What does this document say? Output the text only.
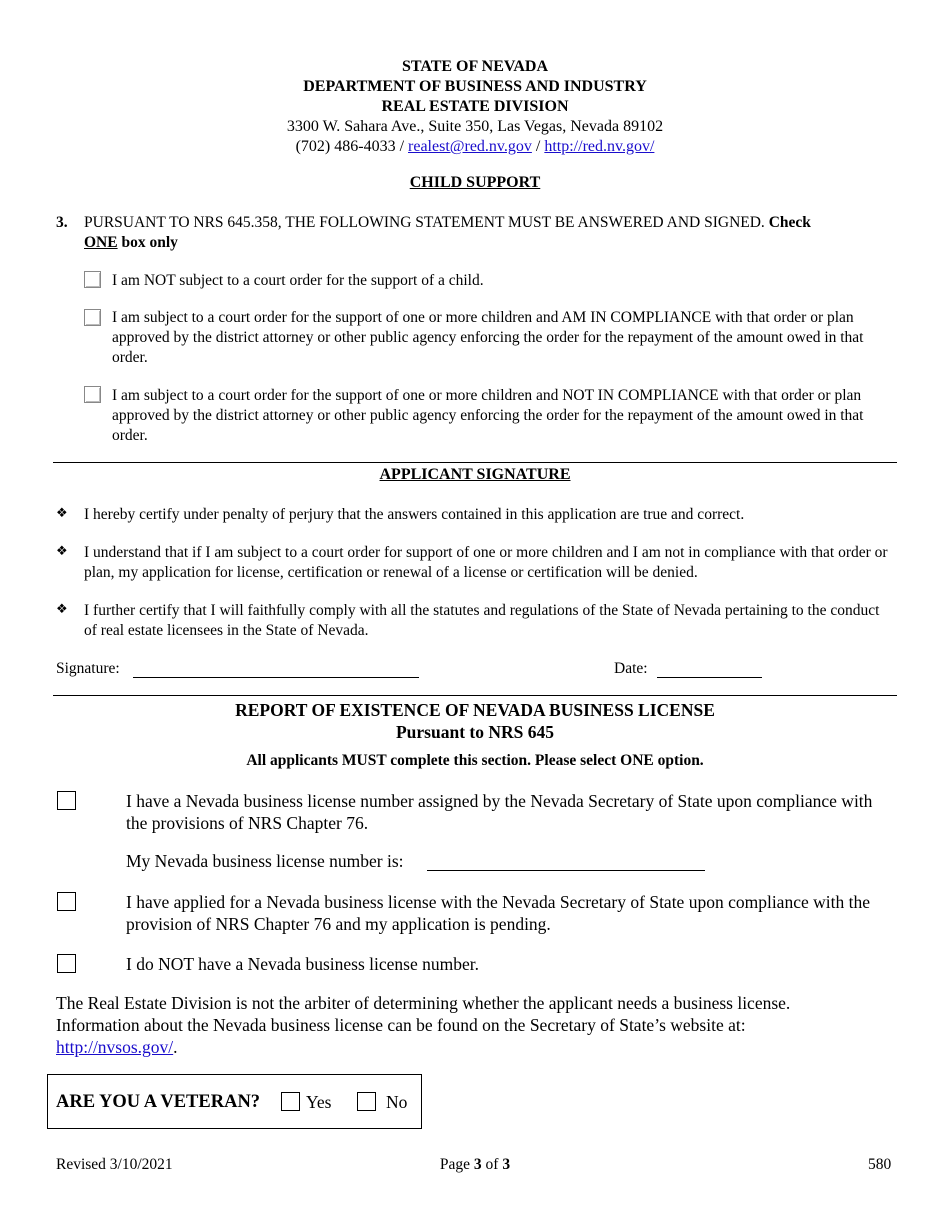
STATE OF NEVADA
DEPARTMENT OF BUSINESS AND INDUSTRY
REAL ESTATE DIVISION
3300 W. Sahara Ave., Suite 350, Las Vegas, Nevada 89102
(702) 486-4033 / realest@red.nv.gov / http://red.nv.gov/
CHILD SUPPORT
3. PURSUANT TO NRS 645.358, THE FOLLOWING STATEMENT MUST BE ANSWERED AND SIGNED. Check
ONE box only
I am NOT subject to a court order for the support of a child.
I am subject to a court order for the support of one or more children and AM IN COMPLIANCE with that order or plan approved by the district attorney or other public agency enforcing the order for the repayment of the amount owed in that order.
I am subject to a court order for the support of one or more children and NOT IN COMPLIANCE with that order or plan approved by the district attorney or other public agency enforcing the order for the repayment of the amount owed in that order.
APPLICANT SIGNATURE
❖ I hereby certify under penalty of perjury that the answers contained in this application are true and correct.
❖ I understand that if I am subject to a court order for support of one or more children and I am not in compliance with that order or plan, my application for license, certification or renewal of a license or certification will be denied.
❖ I further certify that I will faithfully comply with all the statutes and regulations of the State of Nevada pertaining to the conduct of real estate licensees in the State of Nevada.
Signature:	Date:
REPORT OF EXISTENCE OF NEVADA BUSINESS LICENSE
Pursuant to NRS 645
All applicants MUST complete this section. Please select ONE option.
I have a Nevada business license number assigned by the Nevada Secretary of State upon compliance with the provisions of NRS Chapter 76.
My Nevada business license number is:
I have applied for a Nevada business license with the Nevada Secretary of State upon compliance with the provision of NRS Chapter 76 and my application is pending.
I do NOT have a Nevada business license number.
The Real Estate Division is not the arbiter of determining whether the applicant needs a business license. Information about the Nevada business license can be found on the Secretary of State’s website at:
http://nvsos.gov/.
ARE YOU A VETERAN?	Yes	No
Revised 3/10/2021	Page 3 of 3	580
